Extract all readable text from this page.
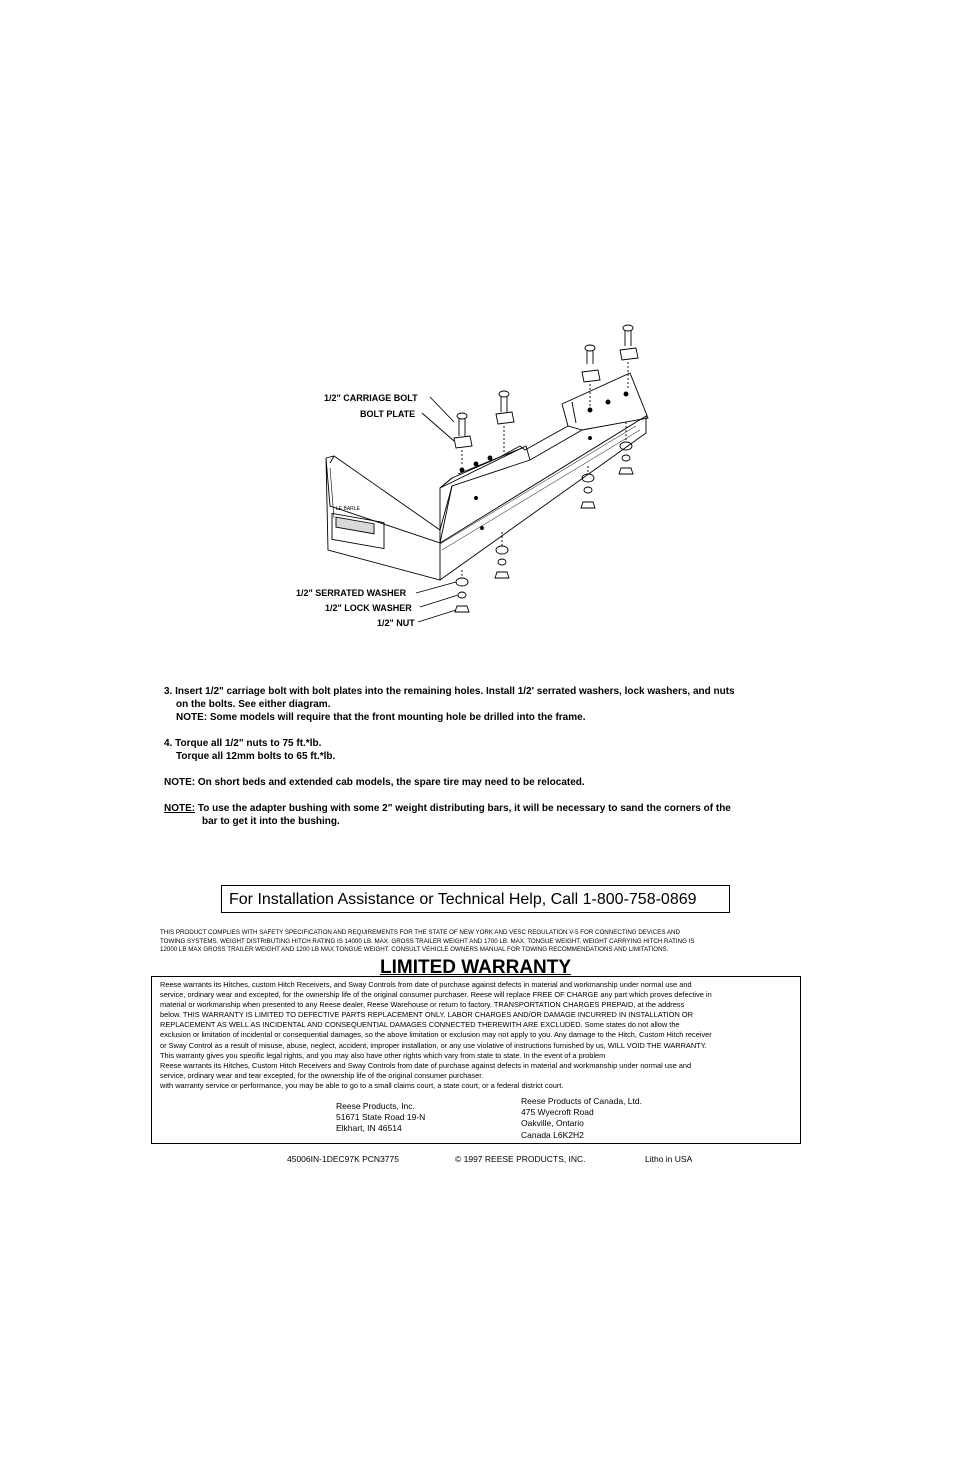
1/2" CARRIAGE BOLT
BOLT PLATE
1/2" SERRATED WASHER
1/2" LOCK WASHER
1/2" NUT
LE BARLE

3. Insert 1/2" carriage bolt with bolt plates into the remaining holes. Install 1/2' serrated washers, lock washers, and nuts

on the bolts. See either diagram.

NOTE: Some models will require that the front mounting hole be drilled into the frame.

4. Torque all 1/2" nuts to 75 ft.*lb.

Torque all 12mm bolts to 65 ft.*lb.

NOTE: On short beds and extended cab models, the spare tire may need to be relocated.

NOTE: To use the adapter bushing with some 2" weight distributing bars, it will be necessary to sand the corners of the

bar to get it into the bushing.

For Installation Assistance or Technical Help, Call 1-800-758-0869
THIS PRODUCT COMPLIES WITH SAFETY SPECIFICATION AND REQUIREMENTS FOR THE STATE OF NEW YORK AND VESC REGULATION V-5 FOR CONNECTING DEVICES AND
TOWING SYSTEMS. WEIGHT DISTRIBUTING HITCH RATING IS 14000 LB. MAX. GROSS TRAILER WEIGHT AND 1700 LB. MAX. TONGUE WEIGHT. WEIGHT CARRYING HITCH RATING IS
12000 LB MAX GROSS TRAILER WEIGHT AND 1200 LB MAX TONGUE WEIGHT. CONSULT VEHICLE OWNERS MANUAL FOR TOWING RECOMMENDATIONS AND LIMITATIONS.
LIMITED WARRANTY
Reese warrants its Hitches, custom Hitch Receivers, and Sway Controls from date of purchase against defects in material and workmanship under normal use and
service, ordinary wear and excepted, for the ownership life of the original consumer purchaser. Reese will replace FREE OF CHARGE any part which proves defective in
material or workmanship when presented to any Reese dealer, Reese Warehouse or return to factory. TRANSPORTATION CHARGES PREPAID, at the address
below. THIS WARRANTY IS LIMITED TO DEFECTIVE PARTS REPLACEMENT ONLY. LABOR CHARGES AND/OR DAMAGE INCURRED IN INSTALLATION OR
REPLACEMENT AS WELL AS INCIDENTAL AND CONSEQUENTIAL DAMAGES CONNECTED THEREWITH ARE EXCLUDED. Some states do not allow the
exclusion or limitation of incidental or consequential damages, so the above limitation or exclusion may not apply to you. Any damage to the Hitch, Custom Hitch receiver
or Sway Control as a result of misuse, abuse, neglect, accident, improper installation, or any use violative of instructions furnished by us, WILL VOID THE WARRANTY.
This warranty gives you specific legal rights, and you may also have other rights which vary from state to state. In the event of a problem
Reese warrants its Hitches, Custom Hitch Receivers and Sway Controls from date of purchase against defects in material and workmanship under normal use and
service, ordinary wear and tear excepted, for the ownership life of the original consumer purchaser.
with warranty service or performance, you may be able to go to a small claims court, a state court, or a federal district court.
Reese Products, Inc.
51671 State Road 19-N
Elkhart, IN 46514
Reese Products of Canada, Ltd.
475 Wyecroft Road
Oakville, Ontario
Canada L6K2H2
45006IN-1DEC97K PCN3775	© 1997 REESE PRODUCTS, INC.	Litho in USA
